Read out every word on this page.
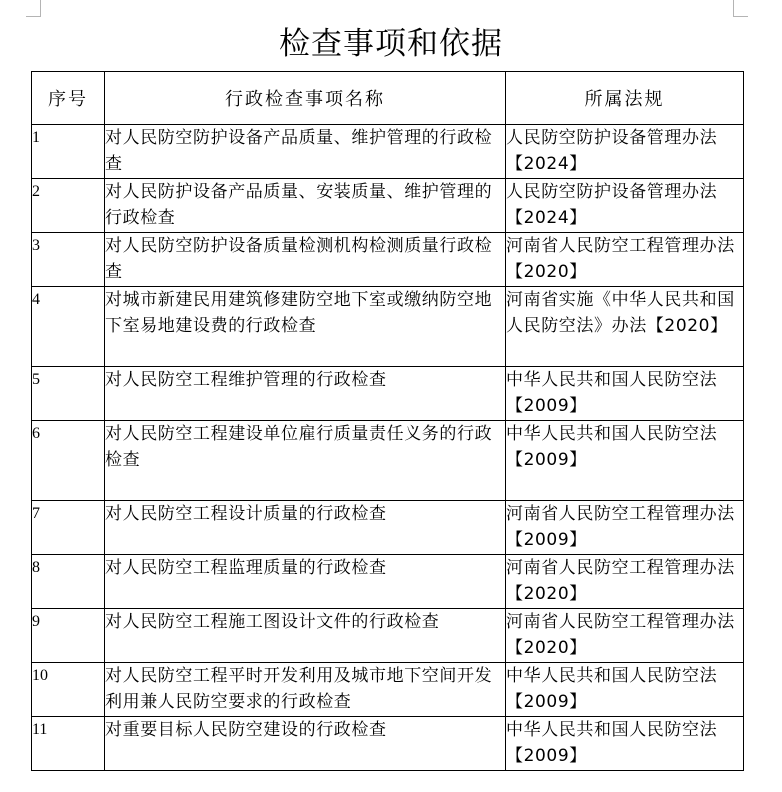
检查事项和依据
序号	行政检查事项名称	所属法规
1	对人民防空防护设备产品质量、维护管理的行政检查	人民防空防护设备管理办法【2024】
2	对人民防护设备产品质量、安装质量、维护管理的行政检查	人民防空防护设备管理办法【2024】
3	对人民防空防护设备质量检测机构检测质量行政检查	河南省人民防空工程管理办法【2020】
4	对城市新建民用建筑修建防空地下室或缴纳防空地下室易地建设费的行政检查	河南省实施《中华人民共和国人民防空法》办法【2020】
5	对人民防空工程维护管理的行政检查	中华人民共和国人民防空法【2009】
6	对人民防空工程建设单位雇行质量责任义务的行政检查	中华人民共和国人民防空法【2009】
7	对人民防空工程设计质量的行政检查	河南省人民防空工程管理办法【2009】
8	对人民防空工程监理质量的行政检查	河南省人民防空工程管理办法【2020】
9	对人民防空工程施工图设计文件的行政检查	河南省人民防空工程管理办法【2020】
10	对人民防空工程平时开发利用及城市地下空间开发利用兼人民防空要求的行政检查	中华人民共和国人民防空法【2009】
11	对重要目标人民防空建设的行政检查	中华人民共和国人民防空法【2009】
